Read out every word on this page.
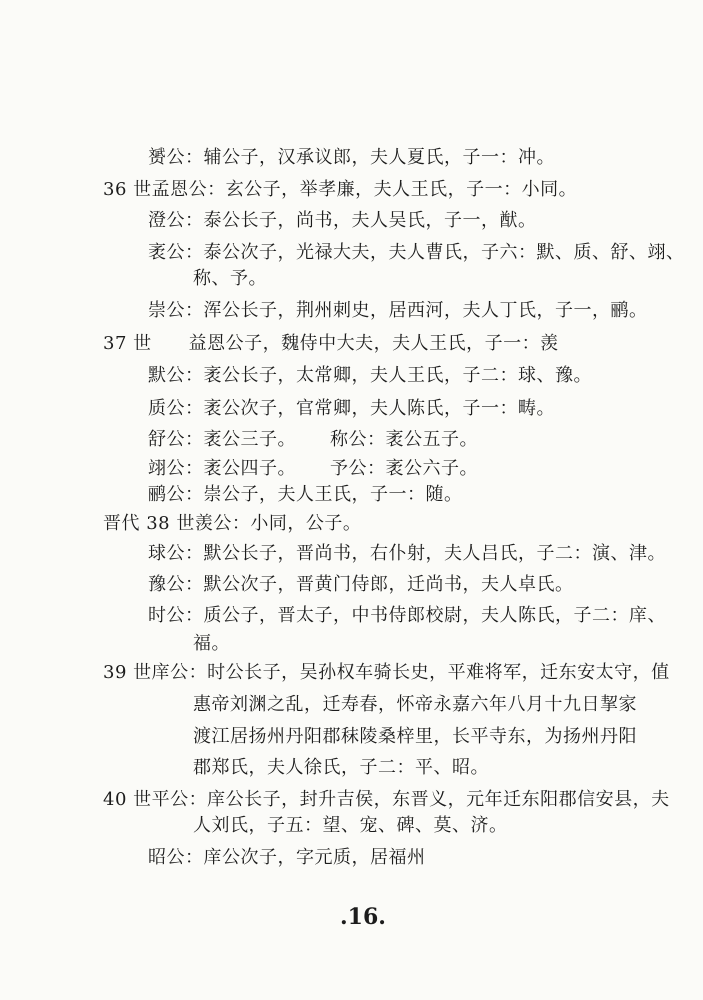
赟公：辅公子，汉承议郎，夫人夏氏，子一：冲。
36 世孟恩公：玄公子，举孝廉，夫人王氏，子一：小同。
澄公：泰公长子，尚书，夫人吴氏，子一，猷。
袤公：泰公次子，光禄大夫，夫人曹氏，子六：默、质、舒、翊、
称、予。
崇公：浑公长子，荆州刺史，居西河，夫人丁氏，子一，鹂。
37 世　　益恩公子，魏侍中大夫，夫人王氏，子一：羡
默公：袤公长子，太常卿，夫人王氏，子二：球、豫。
质公：袤公次子，官常卿，夫人陈氏，子一：畴。
舒公：袤公三子。 称公：袤公五子。
翊公：袤公四子。 予公：袤公六子。
鹂公：崇公子，夫人王氏，子一：随。
晋代 38 世羡公：小同，公子。
球公：默公长子，晋尚书，右仆射，夫人吕氏，子二：演、津。
豫公：默公次子，晋黄门侍郎，迁尚书，夫人卓氏。
时公：质公子，晋太子，中书侍郎校尉，夫人陈氏，子二：庠、
福。
39 世庠公：时公长子，吴孙权车骑长史，平难将军，迁东安太守，值
惠帝刘渊之乱，迁寿春，怀帝永嘉六年八月十九日挈家
渡江居扬州丹阳郡秣陵桑梓里，长平寺东，为扬州丹阳
郡郑氏，夫人徐氏，子二：平、昭。
40 世平公：庠公长子，封升吉侯，东晋义，元年迁东阳郡信安县，夫
人刘氏，子五：望、宠、碑、莫、济。
昭公：庠公次子，字元质，居福州
.16.
